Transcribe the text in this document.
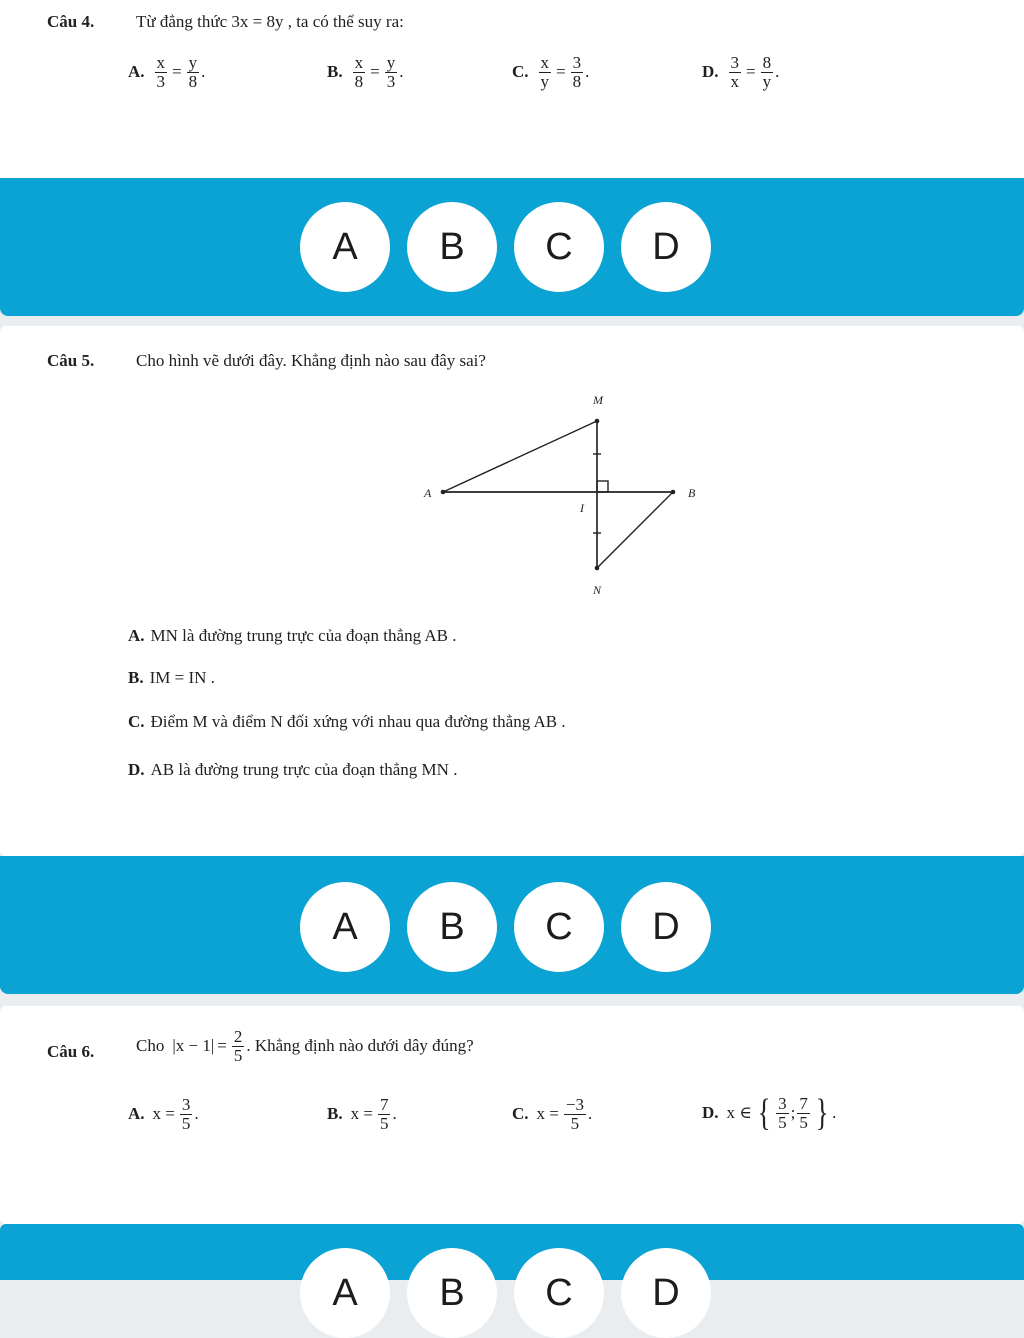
Câu 4. Từ đẳng thức 3x = 8y , ta có thể suy ra:
A. $\frac{x}{3} = \frac{y}{8}$ .	B. $\frac{x}{8} = \frac{y}{3}$ .	C. $\frac{x}{y} = \frac{3}{8}$ .	D. $\frac{3}{x} = \frac{8}{y}$ .
A	B	C	D
Câu 5. Cho hình vẽ dưới đây. Khẳng định nào sau đây sai?
M
A	B
I
N
A. MN là đường trung trực của đoạn thẳng AB .
B. IM = IN .
C. Điểm M và điểm N đối xứng với nhau qua đường thẳng AB .
D. AB là đường trung trực của đoạn thẳng MN .
A	B	C	D
Câu 6. Cho $|x - 1| = \frac{2}{5}$ . Khẳng định nào dưới dây đúng?
A. $x = \frac{3}{5}$ .	B. $x = \frac{7}{5}$ .	C. $x = \frac{-3}{5}$ .	D. x ∈ { $\frac{3}{5}$ ; $\frac{7}{5}$ } .
A	B	C	D
